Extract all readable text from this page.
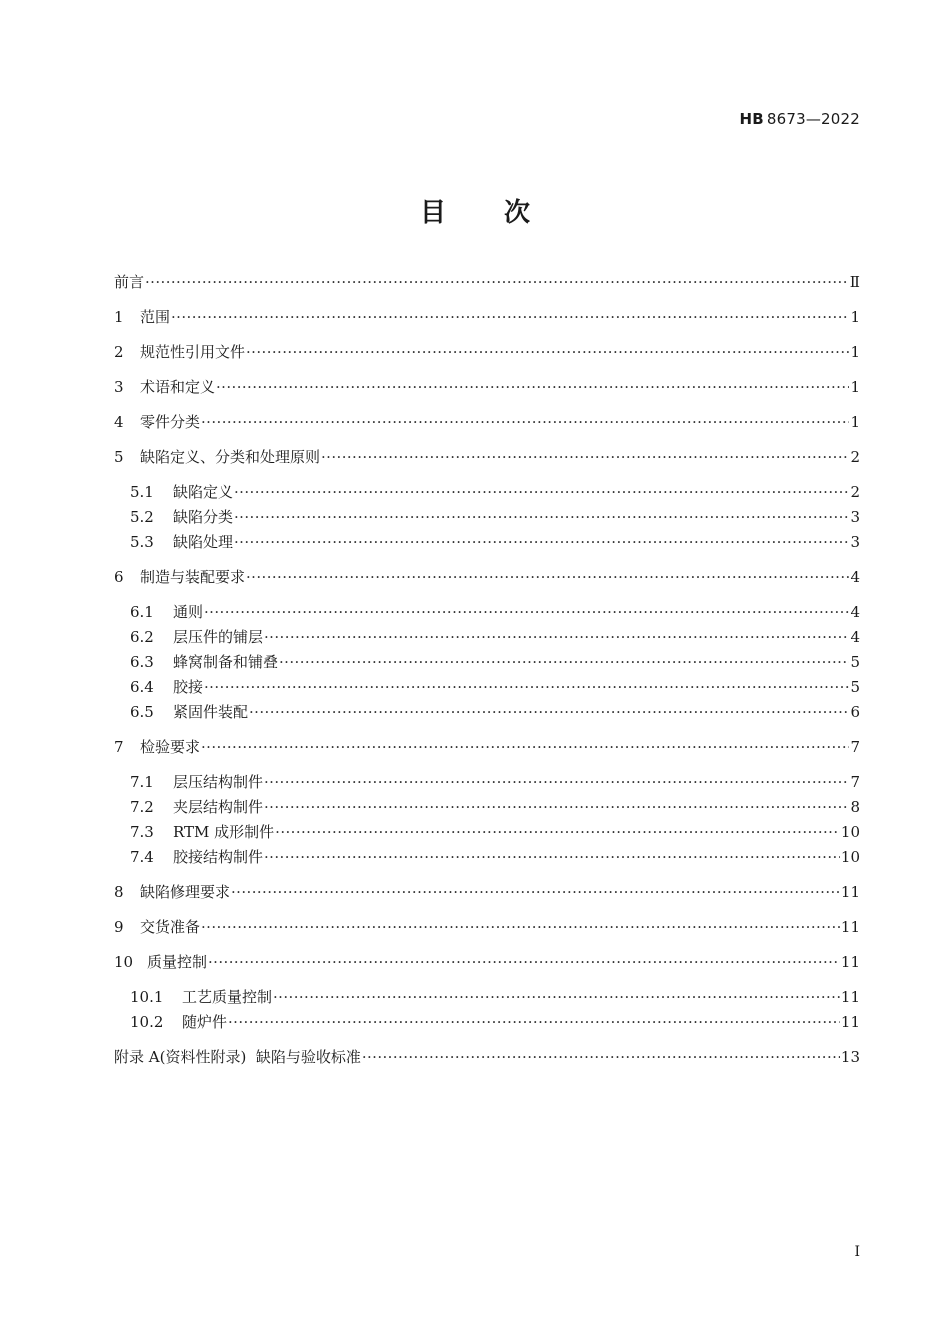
HB 8673—2022
目 次
前言 ·····	Ⅱ
1 范围 ·····	1
2 规范性引用文件 ·····	1
3 术语和定义 ·····	1
4 零件分类 ·····	1
5 缺陷定义、分类和处理原则 ·····	2
5.1 缺陷定义 ·····	2
5.2 缺陷分类 ·····	3
5.3 缺陷处理 ·····	3
6 制造与装配要求 ·····	4
6.1 通则 ·····	4
6.2 层压件的铺层 ·····	4
6.3 蜂窝制备和铺叠 ·····	5
6.4 胶接 ·····	5
6.5 紧固件装配 ·····	6
7 检验要求 ·····	7
7.1 层压结构制件 ·····	7
7.2 夹层结构制件 ·····	8
7.3 RTM 成形制件 ·····	10
7.4 胶接结构制件 ·····	10
8 缺陷修理要求 ·····	11
9 交货准备 ·····	11
10 质量控制 ·····	11
10.1 工艺质量控制 ·····	11
10.2 随炉件 ·····	11
附录 A(资料性附录)  缺陷与验收标准 ·····	13
I
